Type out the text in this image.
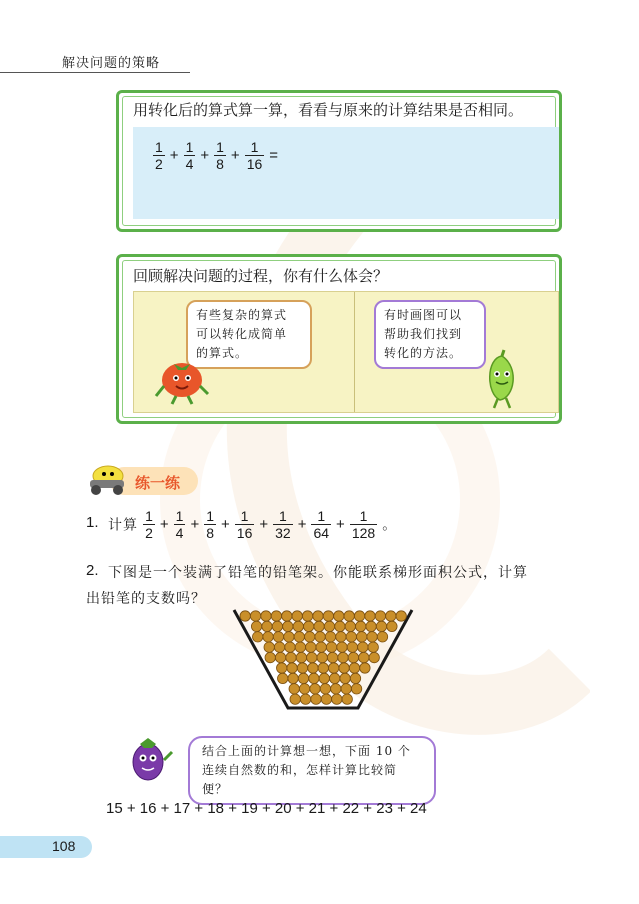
解决问题的策略
用转化后的算式算一算，看看与原来的计算结果是否相同。
$\frac{1}{2} + \frac{1}{4} + \frac{1}{8} + \frac{1}{16}$ =
回顾解决问题的过程，你有什么体会？
有些复杂的算式
可以转化成简单
的算式。
有时画图可以
帮助我们找到
转化的方法。
练一练
1. 计算 $\frac{1}{2} + \frac{1}{4} + \frac{1}{8} + \frac{1}{16} + \frac{1}{32} + \frac{1}{64} + \frac{1}{128}$ 。
2. 下图是一个装满了铅笔的铅笔架。你能联系梯形面积公式，计算
出铅笔的支数吗？
结合上面的计算想一想，下面 10 个
连续自然数的和，怎样计算比较简便？
15 + 16 + 17 + 18 + 19 + 20 + 21 + 22 + 23 + 24
108
